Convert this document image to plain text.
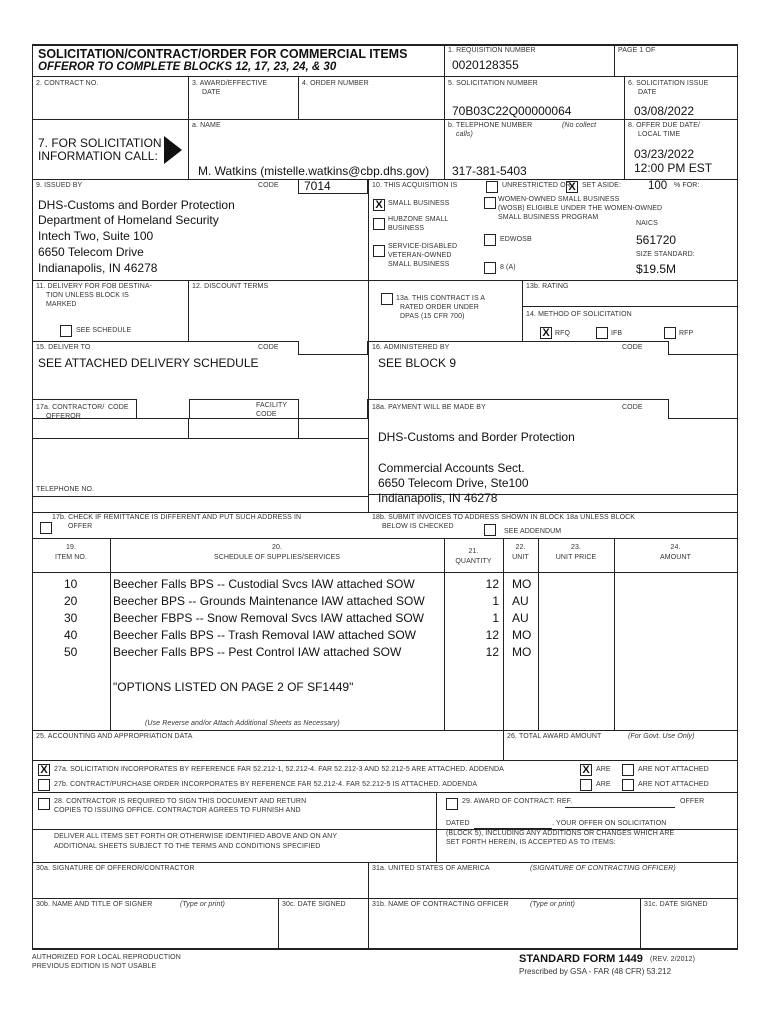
SOLICITATION/CONTRACT/ORDER FOR COMMERCIAL ITEMS
OFFEROR TO COMPLETE BLOCKS 12, 17, 23, 24, & 30
1. REQUISITION NUMBER
0020128355
PAGE 1 OF
2. CONTRACT NO.	3. AWARD/EFFECTIVE
DATE
4. ORDER NUMBER	5. SOLICITATION NUMBER
70B03C22Q00000064
6. SOLICITATION ISSUE
DATE
03/08/2022
7. FOR SOLICITATION
INFORMATION CALL:
a. NAME
M. Watkins (mistelle.watkins@cbp.dhs.gov)
b. TELEPHONE NUMBER	(No collect
calls)
317-381-5403
8. OFFER DUE DATE/
LOCAL TIME
03/23/2022
12:00 PM EST
9. ISSUED BY	CODE 7014
DHS-Customs and Border Protection
Department of Homeland Security
Intech Two, Suite 100
6650 Telecom Drive
Indianapolis, IN 46278
10. THIS ACQUISITION IS	UNRESTRICTED OR
X SET ASIDE: 100 % FOR:
X SMALL BUSINESS
HUBZONE SMALL
BUSINESS
SERVICE-DISABLED
VETERAN-OWNED
SMALL BUSINESS
WOMEN-OWNED SMALL BUSINESS
(WOSB) ELIGIBLE UNDER THE WOMEN-OWNED
SMALL BUSINESS PROGRAM
EDWOSB
8 (A)
NAICS
561720
SIZE STANDARD:
$19.5M
11. DELIVERY FOR FOB DESTINA-
TION UNLESS BLOCK IS
MARKED
SEE SCHEDULE
12. DISCOUNT TERMS
13a. THIS CONTRACT IS A
RATED ORDER UNDER
DPAS (15 CFR 700)
13b. RATING
14. METHOD OF SOLICITATION
X RFQ	IFB	RFP
15. DELIVER TO	CODE
SEE ATTACHED DELIVERY SCHEDULE
16. ADMINISTERED BY	CODE
SEE BLOCK 9
17a. CONTRACTOR/
OFFEROR
CODE	FACILITY
CODE
TELEPHONE NO.
18a. PAYMENT WILL BE MADE BY	CODE
DHS-Customs and Border Protection
Commercial Accounts Sect.
6650 Telecom Drive, Ste100
Indianapolis, IN 46278
17b. CHECK IF REMITTANCE IS DIFFERENT AND PUT SUCH ADDRESS IN
OFFER
18b. SUBMIT INVOICES TO ADDRESS SHOWN IN BLOCK 18a UNLESS BLOCK
BELOW IS CHECKED
SEE ADDENDUM
19.
ITEM NO.
20.
SCHEDULE OF SUPPLIES/SERVICES
21.
QUANTITY
22.
UNIT
23.
UNIT PRICE
24.
AMOUNT
10	Beecher Falls BPS -- Custodial Svcs IAW attached SOW	12 MO
20	Beecher BPS -- Grounds Maintenance IAW attached SOW	1 AU
30	Beecher FBPS -- Snow Removal Svcs IAW attached SOW	1 AU
40	Beecher Falls BPS -- Trash Removal IAW attached SOW	12 MO
50	Beecher Falls BPS -- Pest Control IAW attached SOW	12 MO
"OPTIONS LISTED ON PAGE 2 OF SF1449"
(Use Reverse and/or Attach Additional Sheets as Necessary)
25. ACCOUNTING AND APPROPRIATION DATA	26. TOTAL AWARD AMOUNT	(For Govt. Use Only)
X 27a. SOLICITATION INCORPORATES BY REFERENCE FAR 52.212-1, 52.212-4. FAR 52.212-3 AND 52.212-5 ARE ATTACHED. ADDENDA	X ARE	ARE NOT ATTACHED
27b. CONTRACT/PURCHASE ORDER INCORPORATES BY REFERENCE FAR 52.212-4. FAR 52.212-5 IS ATTACHED. ADDENDA	ARE	ARE NOT ATTACHED
28. CONTRACTOR IS REQUIRED TO SIGN THIS DOCUMENT AND RETURN
COPIES TO ISSUING OFFICE. CONTRACTOR AGREES TO FURNISH AND
DELIVER ALL ITEMS SET FORTH OR OTHERWISE IDENTIFIED ABOVE AND ON ANY
ADDITIONAL SHEETS SUBJECT TO THE TERMS AND CONDITIONS SPECIFIED
29. AWARD OF CONTRACT: REF.	OFFER
DATED	. YOUR OFFER ON SOLICITATION
(BLOCK 5), INCLUDING ANY ADDITIONS OR CHANGES WHICH ARE
SET FORTH HEREIN, IS ACCEPTED AS TO ITEMS:
30a. SIGNATURE OF OFFEROR/CONTRACTOR	31a. UNITED STATES OF AMERICA	(SIGNATURE OF CONTRACTING OFFICER)
30b. NAME AND TITLE OF SIGNER	(Type or print)	30c. DATE SIGNED	31b. NAME OF CONTRACTING OFFICER	(Type or print)	31c. DATE SIGNED
AUTHORIZED FOR LOCAL REPRODUCTION
PREVIOUS EDITION IS NOT USABLE
STANDARD FORM 1449 (REV. 2/2012)
Prescribed by GSA - FAR (48 CFR) 53.212
